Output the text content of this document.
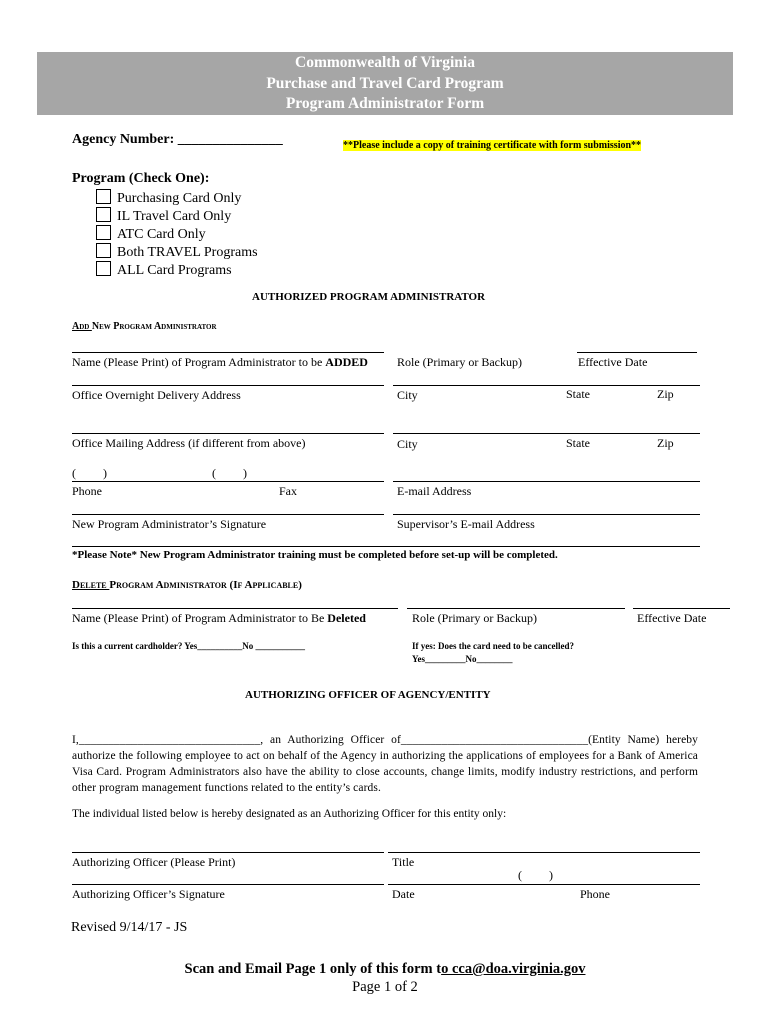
Commonwealth of Virginia
Purchase and Travel Card Program
Program Administrator Form
Agency Number: _______________	**Please include a copy of training certificate with form submission**
Program (Check One):
Purchasing Card Only
IL Travel Card Only
ATC Card Only
Both TRAVEL Programs
ALL Card Programs
AUTHORIZED PROGRAM ADMINISTRATOR
Add New Program Administrator
Name (Please Print) of Program Administrator to be ADDED Role (Primary or Backup)	Effective Date
Office Overnight Delivery Address	City	State	Zip
Office Mailing Address (if different from above)	City	State	Zip
(         )	(         )
Phone	Fax	E-mail Address
New Program Administrator’s Signature	Supervisor’s E-mail Address
*Please Note* New Program Administrator training must be completed before set-up will be completed.
Delete Program Administrator (If Applicable)
Name (Please Print) of Program Administrator to Be Deleted	Role (Primary or Backup)	Effective Date
Is this a current cardholder? Yes__________No ___________	If yes: Does the card need to be cancelled?
Yes_________No________
AUTHORIZING OFFICER OF AGENCY/ENTITY
I,_______________________________, an Authorizing Officer of________________________________(Entity Name) hereby authorize the following employee to act on behalf of the Agency in authorizing the applications of employees for a Bank of America Visa Card. Program Administrators also have the ability to close accounts, change limits, modify industry restrictions, and perform other program management functions related to the entity’s cards.
The individual listed below is hereby designated as an Authorizing Officer for this entity only:
Authorizing Officer (Please Print)	Title
(         )
Authorizing Officer’s Signature	Date	Phone
Revised 9/14/17 - JS
Scan and Email Page 1 only of this form to cca@doa.virginia.gov
Page 1 of 2
